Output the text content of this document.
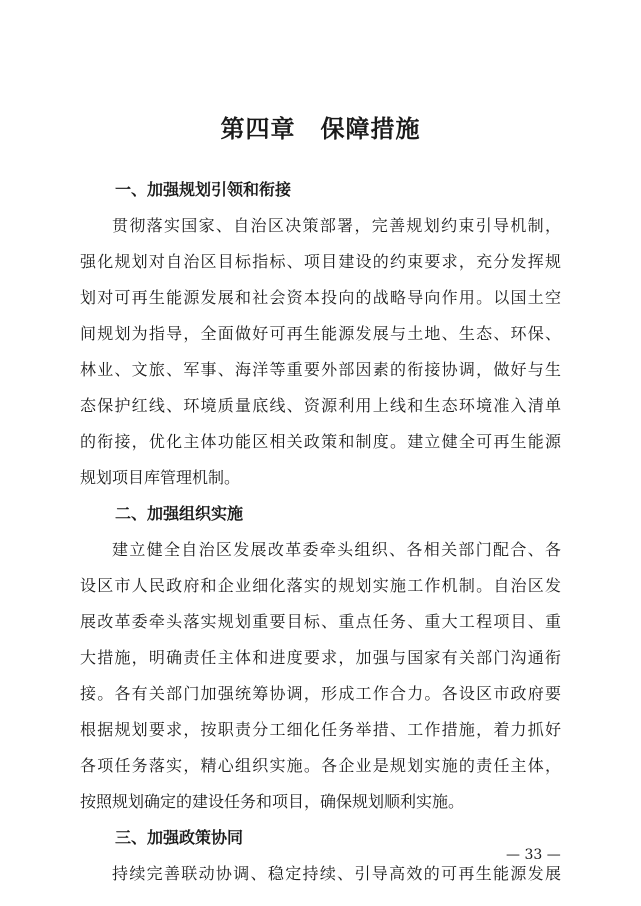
第四章　保障措施
一、加强规划引领和衔接
贯彻落实国家、自治区决策部署，完善规划约束引导机制，
强化规划对自治区目标指标、项目建设的约束要求，充分发挥规
划对可再生能源发展和社会资本投向的战略导向作用。以国土空
间规划为指导，全面做好可再生能源发展与土地、生态、环保、
林业、文旅、军事、海洋等重要外部因素的衔接协调，做好与生
态保护红线、环境质量底线、资源利用上线和生态环境准入清单
的衔接，优化主体功能区相关政策和制度。建立健全可再生能源
规划项目库管理机制。
二、加强组织实施
建立健全自治区发展改革委牵头组织、各相关部门配合、各
设区市人民政府和企业细化落实的规划实施工作机制。自治区发
展改革委牵头落实规划重要目标、重点任务、重大工程项目、重
大措施，明确责任主体和进度要求，加强与国家有关部门沟通衔
接。各有关部门加强统筹协调，形成工作合力。各设区市政府要
根据规划要求，按职责分工细化任务举措、工作措施，着力抓好
各项任务落实，精心组织实施。各企业是规划实施的责任主体，
按照规划确定的建设任务和项目，确保规划顺利实施。
三、加强政策协同
持续完善联动协调、稳定持续、引导高效的可再生能源发展
— 33 —
